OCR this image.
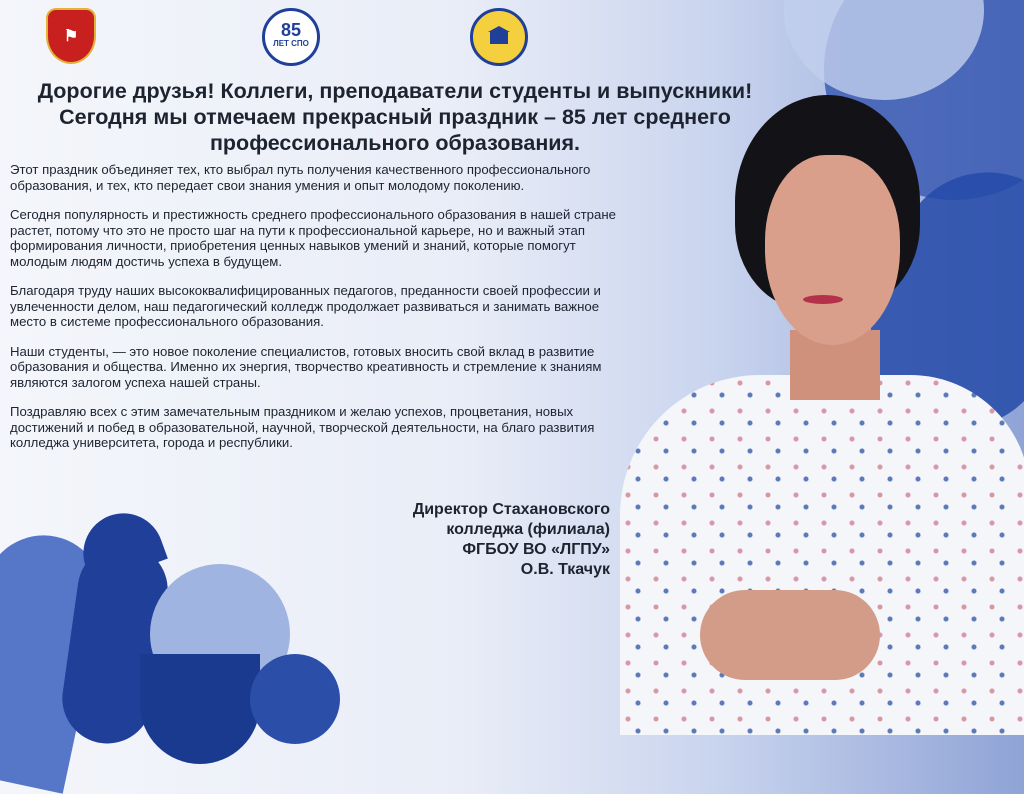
⚑	85
ЛЕТ СПО
Дорогие друзья! Коллеги, преподаватели студенты и выпускники! Сегодня мы отмечаем прекрасный праздник – 85 лет среднего профессионального образования.

Этот праздник объединяет тех, кто выбрал путь получения качественного профессионального образования, и тех, кто передает свои знания умения и опыт молодому поколению.

Сегодня популярность и престижность среднего профессионального образования в нашей стране растет, потому что это не просто шаг на пути к профессиональной карьере, но и важный этап формирования личности, приобретения ценных навыков умений и знаний, которые помогут молодым людям достичь успеха в будущем.

Благодаря труду наших высококвалифицированных педагогов, преданности своей профессии и увлеченности делом, наш педагогический колледж продолжает развиваться и занимать важное место в системе профессионального образования.

Наши студенты, — это новое поколение специалистов, готовых вносить свой вклад в развитие образования и общества. Именно их энергия, творчество креативность и стремление к знаниям являются залогом успеха нашей страны.

Поздравляю всех с этим замечательным праздником и желаю успехов, процветания, новых достижений и побед в образовательной, научной, творческой деятельности, на благо развития колледжа университета, города и республики.

Директор Стахановского
колледжа (филиала)
ФГБОУ ВО «ЛГПУ»
О.В. Ткачук
